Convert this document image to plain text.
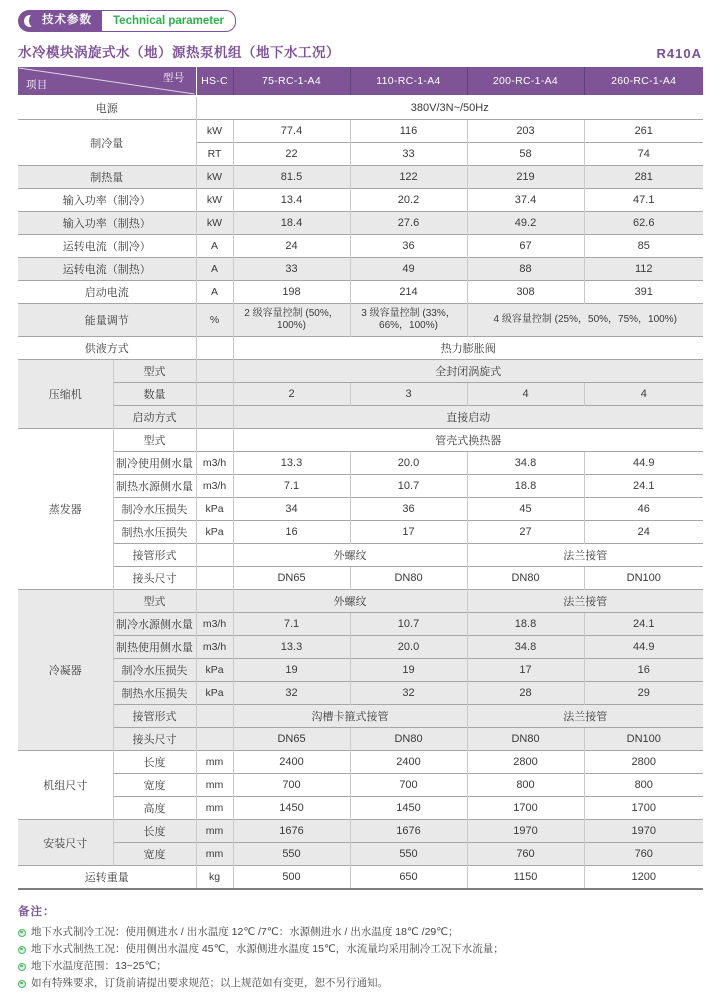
技术参数	Technical parameter
水冷模块涡旋式水（地）源热泵机组（地下水工况）	R410A
项目
型号		HS-C	75-RC-1-A4	110-RC-1-A4	200-RC-1-A4	260-RC-1-A4
电源		380V/3N~/50Hz				
制冷量		kW	77.4	116	203	261
		RT	22	33	58	74
制热量		kW	81.5	122	219	281
输入功率（制冷）		kW	13.4	20.2	37.4	47.1
输入功率（制热）		kW	18.4	27.6	49.2	62.6
运转电流（制冷）		A	24	36	67	85
运转电流（制热）		A	33	49	88	112
启动电流		A	198	214	308	391
能量调节		%	2 级容量控制 (50%，100%)	3 级容量控制 (33%，66%，100%)	4 级容量控制 (25%，50%，75%，100%)	
供液方式			热力膨胀阀			
压缩机	型式		全封闭涡旋式			
	数量		2	3	4	4
	启动方式		直接启动			
蒸发器	型式		管壳式换热器			
	制冷使用侧水量	m3/h	13.3	20.0	34.8	44.9
	制热水源侧水量	m3/h	7.1	10.7	18.8	24.1
	制冷水压损失	kPa	34	36	45	46
	制热水压损失	kPa	16	17	27	24
	接管形式		外螺纹		法兰接管	
	接头尺寸		DN65	DN80	DN80	DN100
冷凝器	型式		外螺纹		法兰接管	
	制冷水源侧水量	m3/h	7.1	10.7	18.8	24.1
	制热使用侧水量	m3/h	13.3	20.0	34.8	44.9
	制冷水压损失	kPa	19	19	17	16
	制热水压损失	kPa	32	32	28	29
	接管形式		沟槽卡箍式接管		法兰接管	
	接头尺寸		DN65	DN80	DN80	DN100
机组尺寸	长度	mm	2400	2400	2800	2800
	宽度	mm	700	700	800	800
	高度	mm	1450	1450	1700	1700
安装尺寸	长度	mm	1676	1676	1970	1970
	宽度	mm	550	550	760	760
运转重量		kg	500	650	1150	1200
备注：
地下水式制冷工况：使用侧进水 / 出水温度 12℃ /7℃：水源侧进水 / 出水温度 18℃ /29℃；
地下水式制热工况：使用侧出水温度 45℃，水源侧进水温度 15℃，水流量均采用制冷工况下水流量；
地下水温度范围：13~25℃；
如有特殊要求，订货前请提出要求规范；以上规范如有变更，恕不另行通知。
